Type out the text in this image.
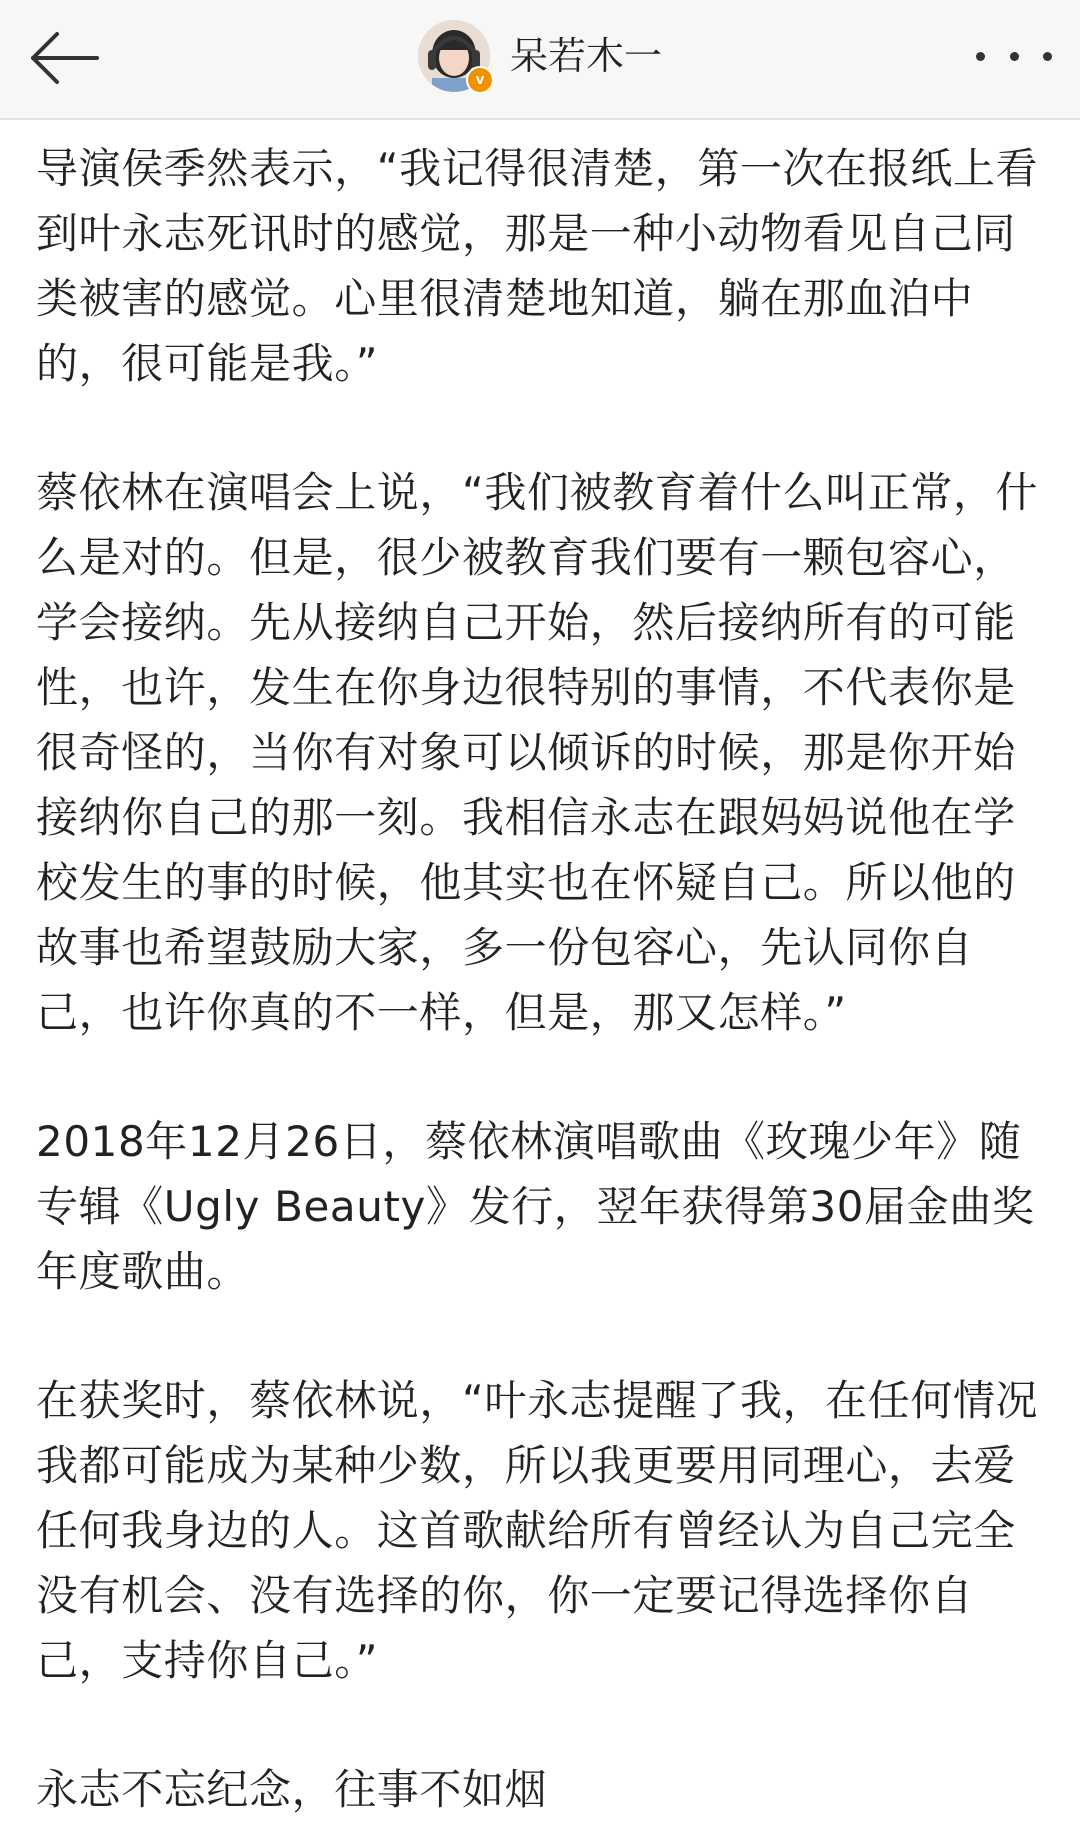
v
呆若木一

导演侯季然表示，“我记得很清楚，第一次在报纸上看到叶永志死讯时的感觉，那是一种小动物看见自己同类被害的感觉。心里很清楚地知道，躺在那血泊中的，很可能是我。”

蔡依林在演唱会上说，“我们被教育着什么叫正常，什么是对的。但是，很少被教育我们要有一颗包容心，学会接纳。先从接纳自己开始，然后接纳所有的可能性，也许，发生在你身边很特别的事情，不代表你是很奇怪的，当你有对象可以倾诉的时候，那是你开始接纳你自己的那一刻。我相信永志在跟妈妈说他在学校发生的事的时候，他其实也在怀疑自己。所以他的故事也希望鼓励大家，多一份包容心，先认同你自己，也许你真的不一样，但是，那又怎样。”

2018年12月26日，蔡依林演唱歌曲《玫瑰少年》随专辑《Ugly Beauty》发行，翌年获得第30届金曲奖年度歌曲。

在获奖时，蔡依林说，“叶永志提醒了我，在任何情况我都可能成为某种少数，所以我更要用同理心，去爱任何我身边的人。这首歌献给所有曾经认为自己完全没有机会、没有选择的你，你一定要记得选择你自己，支持你自己。”

永志不忘纪念，往事不如烟
